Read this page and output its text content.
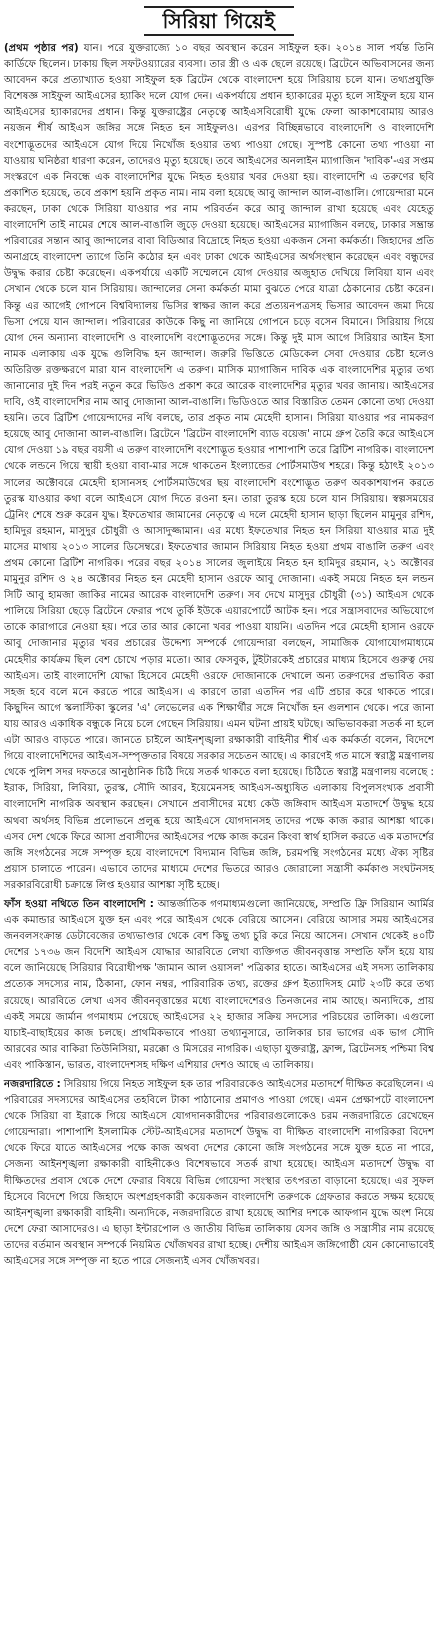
সিরিয়া গিয়েই

(প্রথম পৃষ্ঠার পর) যান। পরে যুক্তরাজ্যে ১০ বছর অবস্থান করেন সাইফুল হক। ২০১৪ সাল পর্যন্ত তিনি কার্ডিফে ছিলেন। ঢাকায় ছিল সফটওয়্যারের ব্যবসা। তার স্ত্রী ও এক ছেলে রয়েছে। ব্রিটেনে অভিবাসনের জন্য আবেদন করে প্রত্যাখ্যাত হওয়া সাইফুল হক ব্রিটেন থেকে বাংলাদেশ হয়ে সিরিয়ায় চলে যান। তথ্যপ্রযুক্তি বিশেষজ্ঞ সাইফুল আইএসের হ্যাকিং দলে যোগ দেন। একপর্যায়ে প্রধান হ্যাকারের মৃত্যু হলে সাইফুল হয়ে যান আইএসের হ্যাকারদের প্রধান। কিন্তু যুক্তরাষ্ট্রের নেতৃত্বে আইএসবিরোধী যুদ্ধে ফেলা আকাশবোমায় আরও নয়জন শীর্ষ আইএস জঙ্গির সঙ্গে নিহত হন সাইফুলও। এরপর বিচ্ছিন্নভাবে বাংলাদেশি ও বাংলাদেশি বংশোদ্ভূতদের আইএসে যোগ দিয়ে নিখোঁজ হওয়ার তথ্য পাওয়া গেছে। সুস্পষ্ট কোনো তথ্য পাওয়া না যাওয়ায় ঘনিষ্ঠরা ধারণা করেন, তাদেরও মৃত্যু হয়েছে। তবে আইএসের অনলাইন ম্যাগাজিন 'দাবিক'-এর সপ্তম সংস্করণে এক নিবন্ধে এক বাংলাদেশির যুদ্ধে নিহত হওয়ার খবর দেওয়া হয়। বাংলাদেশি এ তরুণের ছবি প্রকাশিত হয়েছে, তবে প্রকাশ হয়নি প্রকৃত নাম। নাম বলা হয়েছে আবু জান্দাল আল-বাঙালি। গোয়েন্দারা মনে করছেন, ঢাকা থেকে সিরিয়া যাওয়ার পর নাম পরিবর্তন করে আবু জান্দাল রাখা হয়েছে এবং যেহেতু বাংলাদেশি তাই নামের শেষে আল-বাঙালি জুড়ে দেওয়া হয়েছে। আইএসের ম্যাগাজিন বলছে, ঢাকার সম্ভ্রান্ত পরিবারের সন্তান আবু জান্দালের বাবা বিডিআর বিদ্রোহে নিহত হওয়া একজন সেনা কর্মকর্তা। জিহাদের প্রতি অনাগ্রহে বাংলাদেশ ত্যাগে তিনি কঠোর হন এবং ঢাকা থেকে আইএসের অর্থসংস্থান করেছেন এবং বন্ধুদের উদ্বুদ্ধ করার চেষ্টা করেছেন। একপর্যায়ে একটি সম্মেলনে যোগ দেওয়ার অজুহাত দেখিয়ে লিবিয়া যান এবং সেখান থেকে চলে যান সিরিয়ায়। জান্দালের সেনা কর্মকর্তা মামা বুঝতে পেরে যাত্রা ঠেকানোর চেষ্টা করেন। কিন্তু এর আগেই গোপনে বিশ্ববিদ্যালয় ভিসির স্বাক্ষর জাল করে প্রত্যয়নপত্রসহ ভিসার আবেদন জমা দিয়ে ভিসা পেয়ে যান জান্দাল। পরিবারের কাউকে কিছু না জানিয়ে গোপনে চড়ে বসেন বিমানে। সিরিয়ায় গিয়ে যোগ দেন অন্যান্য বাংলাদেশি ও বাংলাদেশি বংশোদ্ভূতদের সঙ্গে। কিন্তু দুই মাস আগে সিরিয়ার আইন ইসা নামক এলাকায় এক যুদ্ধে গুলিবিদ্ধ হন জান্দাল। জরুরি ভিত্তিতে মেডিকেল সেবা দেওয়ার চেষ্টা হলেও অতিরিক্ত রক্তক্ষরণে মারা যান বাংলাদেশি এ তরুণ। মাসিক ম্যাগাজিন দাবিক এক বাংলাদেশির মৃত্যুর তথ্য জানানোর দুই দিন পরই নতুন করে ভিডিও প্রকাশ করে আরেক বাংলাদেশির মৃত্যুর খবর জানায়। আইএসের দাবি, ওই বাংলাদেশির নাম আবু দোজানা আল-বাঙালি। ভিডিওতে আর বিস্তারিত তেমন কোনো তথ্য দেওয়া হয়নি। তবে ব্রিটিশ গোয়েন্দাদের নথি বলছে, তার প্রকৃত নাম মেহেদী হাসান। সিরিয়া যাওয়ার পর নামকরণ হয়েছে আবু দোজানা আল-বাঙালি। ব্রিটেনে 'ব্রিটেন বাংলাদেশি ব্যাড বয়েজ' নামে গ্রুপ তৈরি করে আইএসে যোগ দেওয়া ১৯ বছর বয়সী এ তরুণ বাংলাদেশি বংশোদ্ভূত হওয়ার পাশাপাশি তরে ব্রিটিশ নাগরিক। বাংলাদেশ থেকে লন্ডনে গিয়ে স্থায়ী হওয়া বাবা-মার সঙ্গে থাকতেন ইংল্যান্ডের পোর্টসমাউথ শহরে। কিন্তু হঠাৎই ২০১৩ সালের অক্টোবরে মেহেদী হাসানসহ পোর্টসমাউথের ছয় বাংলাদেশি বংশোদ্ভূত তরুণ অবকাশযাপন করতে তুরস্ক যাওয়ার কথা বলে আইএসে যোগ দিতে রওনা হন। তারা তুরস্ক হয়ে চলে যান সিরিয়ায়। স্বল্পসময়ের ট্রেনিং শেষে শুরু করেন যুদ্ধ। ইফতেখার জামানের নেতৃত্বে এ দলে মেহেদী হাসান ছাড়া ছিলেন মামুনুর রশিদ, হামিদুর রহমান, মাসুদুর চৌধুরী ও আসাদুজ্জামান। এর মধ্যে ইফতেখার নিহত হন সিরিয়া যাওয়ার মাত্র দুই মাসের মাথায় ২০১৩ সালের ডিসেম্বরে। ইফতেখার জামান সিরিয়ায় নিহত হওয়া প্রথম বাঙালি তরুণ এবং প্রথম কোনো ব্রিটিশ নাগরিক। পরের বছর ২০১৪ সালের জুলাইয়ে নিহত হন হামিদুর রহমান, ২১ অক্টোবর মামুনুর রশিদ ও ২৪ অক্টোবর নিহত হন মেহেদী হাসান ওরফে আবু দোজানা। একই সময়ে নিহত হন লন্ডন সিটি আবু হামজা জাকির নামের আরেক বাংলাদেশি তরুণ। সব দেখে মাসুদুর চৌধুরী (৩১) আইএস থেকে পালিয়ে সিরিয়া ছেড়ে ব্রিটেনে ফেরার পথে তুর্কি ইউকে এয়ারপোর্টে আটক হন। পরে সন্ত্রাসবাদের অভিযোগে তাকে কারাগারে নেওয়া হয়। পরে তার আর কোনো খবর পাওয়া যায়নি। এতদিন পরে মেহেদী হাসান ওরফে আবু দোজানার মৃত্যুর খবর প্রচারের উদ্দেশ্য সম্পর্কে গোয়েন্দারা বলছেন, সামাজিক যোগাযোগমাধ্যমে মেহেদীর কার্যক্রম ছিল বেশ চোখে পড়ার মতো। আর ফেসবুক, টুইটারকেই প্রচারের মাধ্যম হিসেবে গুরুত্ব দেয় আইএস। তাই বাংলাদেশি যোদ্ধা হিসেবে মেহেদী ওরফে দোজানাকে দেখালে অন্য তরুণদের প্রভাবিত করা সহজ হবে বলে মনে করতে পারে আইএস। এ কারণে তারা এতদিন পর এটি প্রচার করে থাকতে পারে। কিছুদিন আগে স্কলাস্টিকা স্কুলের 'এ' লেভেলের এক শিক্ষার্থীর সঙ্গে নিখোঁজ হন গুলশান থেকে। পরে জানা যায় আরও একাধিক বন্ধুকে নিয়ে চলে গেছেন সিরিয়ায়। এমন ঘটনা প্রায়ই ঘটছে। অভিভাবকরা সতর্ক না হলে এটা আরও বাড়তে পারে। জানতে চাইলে আইনশৃঙ্খলা রক্ষাকারী বাহিনীর শীর্ষ এক কর্মকর্তা বলেন, বিদেশে গিয়ে বাংলাদেশিদের আইএস-সম্পৃক্ততার বিষয়ে সরকার সচেতন আছে। এ কারণেই গত মাসে স্বরাষ্ট্র মন্ত্রণালয় থেকে পুলিশ সদর দফতরে আনুষ্ঠানিক চিঠি দিয়ে সতর্ক থাকতে বলা হয়েছে। চিঠিতে স্বরাষ্ট্র মন্ত্রণালয় বলেছে : ইরাক, সিরিয়া, লিবিয়া, তুরস্ক, সৌদি আরব, ইয়েমেনসহ আইএস-অধ্যুষিত এলাকায় বিপুলসংখ্যক প্রবাসী বাংলাদেশি নাগরিক অবস্থান করছেন। সেখানে প্রবাসীদের মধ্যে কেউ জঙ্গিবাদ আইএস মতাদর্শে উদ্বুদ্ধ হয়ে অথবা অর্থসহ বিভিন্ন প্রলোভনে প্রলুব্ধ হয়ে আইএসে যোগদানসহ তাদের পক্ষে কাজ করার আশঙ্কা থাকে। এসব দেশ থেকে ফিরে আসা প্রবাসীদের আইএসের পক্ষে কাজ করেন কিংবা স্বার্থ হাসিল করতে এক মতাদর্শের জঙ্গি সংগঠনের সঙ্গে সম্পৃক্ত হয়ে বাংলাদেশে বিদ্যমান বিভিন্ন জঙ্গি, চরমপন্থি সংগঠনের মধ্যে ঐক্য সৃষ্টির প্রয়াস চালাতে পারেন। এভাবে তাদের মাধ্যমে দেশের ভিতরে আরও জোরালো সন্ত্রাসী কর্মকাণ্ড সংঘটনসহ সরকারবিরোধী চক্রান্তে লিপ্ত হওয়ার আশঙ্কা সৃষ্টি হচ্ছে।

ফাঁস হওয়া নথিতে তিন বাংলাদেশি : আন্তর্জাতিক গণমাধ্যমগুলো জানিয়েছে, সম্প্রতি ফ্রি সিরিয়ান আর্মির এক কমান্ডার আইএসে যুক্ত হন এবং পরে আইএস থেকে বেরিয়ে আসেন। বেরিয়ে আসার সময় আইএসের জনবলসংক্রান্ত ডেটাবেজের তথ্যভাণ্ডার থেকে বেশ কিছু তথ্য চুরি করে নিয়ে আসেন। সেখান থেকেই ৪০টি দেশের ১৭৩৬ জন বিদেশি আইএস যোদ্ধার আরবিতে লেখা ব্যক্তিগত জীবনবৃত্তান্ত সম্প্রতি ফাঁস হয়ে যায় বলে জানিয়েছে সিরিয়ার বিরোধীপক্ষ 'জামান আল ওয়াসল' পত্রিকার হাতে। আইএসের এই সদস্য তালিকায় প্রত্যেক সদস্যের নাম, ঠিকানা, ফোন নম্বর, পারিবারিক তথ্য, রক্তের গ্রুপ ইত্যাদিসহ মোট ২৩টি করে তথ্য রয়েছে। আরবিতে লেখা এসব জীবনবৃত্তান্তের মধ্যে বাংলাদেশেরও তিনজনের নাম আছে। অন্যদিকে, প্রায় একই সময়ে জার্মান গণমাধ্যম পেয়েছে আইএসের ২২ হাজার সক্রিয় সদস্যের পরিচয়ের তালিকা। এগুলো যাচাই-বাছাইয়ের কাজ চলছে। প্রাথমিকভাবে পাওয়া তথ্যানুসারে, তালিকার চার ভাগের এক ভাগ সৌদি আরবের আর বাকিরা তিউনিসিয়া, মরক্কো ও মিসরের নাগরিক। এছাড়া যুক্তরাষ্ট্র, ফ্রান্স, ব্রিটেনসহ পশ্চিমা বিশ্ব এবং পাকিস্তান, ভারত, বাংলাদেশসহ দক্ষিণ এশিয়ার দেশও আছে এ তালিকায়।

নজরদারিতে : সিরিয়ায় গিয়ে নিহত সাইফুল হক তার পরিবারকেও আইএসের মতাদর্শে দীক্ষিত করেছিলেন। এ পরিবারের সদস্যদের আইএসের তহবিলে টাকা পাঠানোর প্রমাণও পাওয়া গেছে। এমন প্রেক্ষাপটে বাংলাদেশ থেকে সিরিয়া বা ইরাকে গিয়ে আইএসে যোগদানকারীদের পরিবারগুলোকেও চরম নজরদারিতে রেখেছেন গোয়েন্দারা। পাশাপাশি ইসলামিক স্টেট-আইএসের মতাদর্শে উদ্বুদ্ধ বা দীক্ষিত বাংলাদেশি নাগরিকরা বিদেশ থেকে ফিরে যাতে আইএসের পক্ষে কাজ অথবা দেশের কোনো জঙ্গি সংগঠনের সঙ্গে যুক্ত হতে না পারে, সেজন্য আইনশৃঙ্খলা রক্ষাকারী বাহিনীকেও বিশেষভাবে সতর্ক রাখা হয়েছে। আইএস মতাদর্শে উদ্বুদ্ধ বা দীক্ষিতদের প্রবাস থেকে দেশে ফেরার বিষয়ে বিভিন্ন গোয়েন্দা সংস্থার তৎপরতা বাড়ানো হয়েছে। এর সুফল হিসেবে বিদেশে গিয়ে জিহাদে অংশগ্রহণকারী কয়েকজন বাংলাদেশি তরুণকে গ্রেফতার করতে সক্ষম হয়েছে আইনশৃঙ্খলা রক্ষাকারী বাহিনী। অন্যদিকে, নজরদারিতে রাখা হয়েছে আশির দশকে আফগান যুদ্ধে অংশ নিয়ে দেশে ফেরা আসাদেরও। এ ছাড়া ইন্টারপোল ও জাতীয় বিভিন্ন তালিকায় যেসব জঙ্গি ও সন্ত্রাসীর নাম রয়েছে তাদের বর্তমান অবস্থান সম্পর্কে নিয়মিত খোঁজখবর রাখা হচ্ছে। দেশীয় আইএস জঙ্গিগোষ্ঠী যেন কোনোভাবেই আইএসের সঙ্গে সম্পৃক্ত না হতে পারে সেজন্যই এসব খোঁজখবর।
